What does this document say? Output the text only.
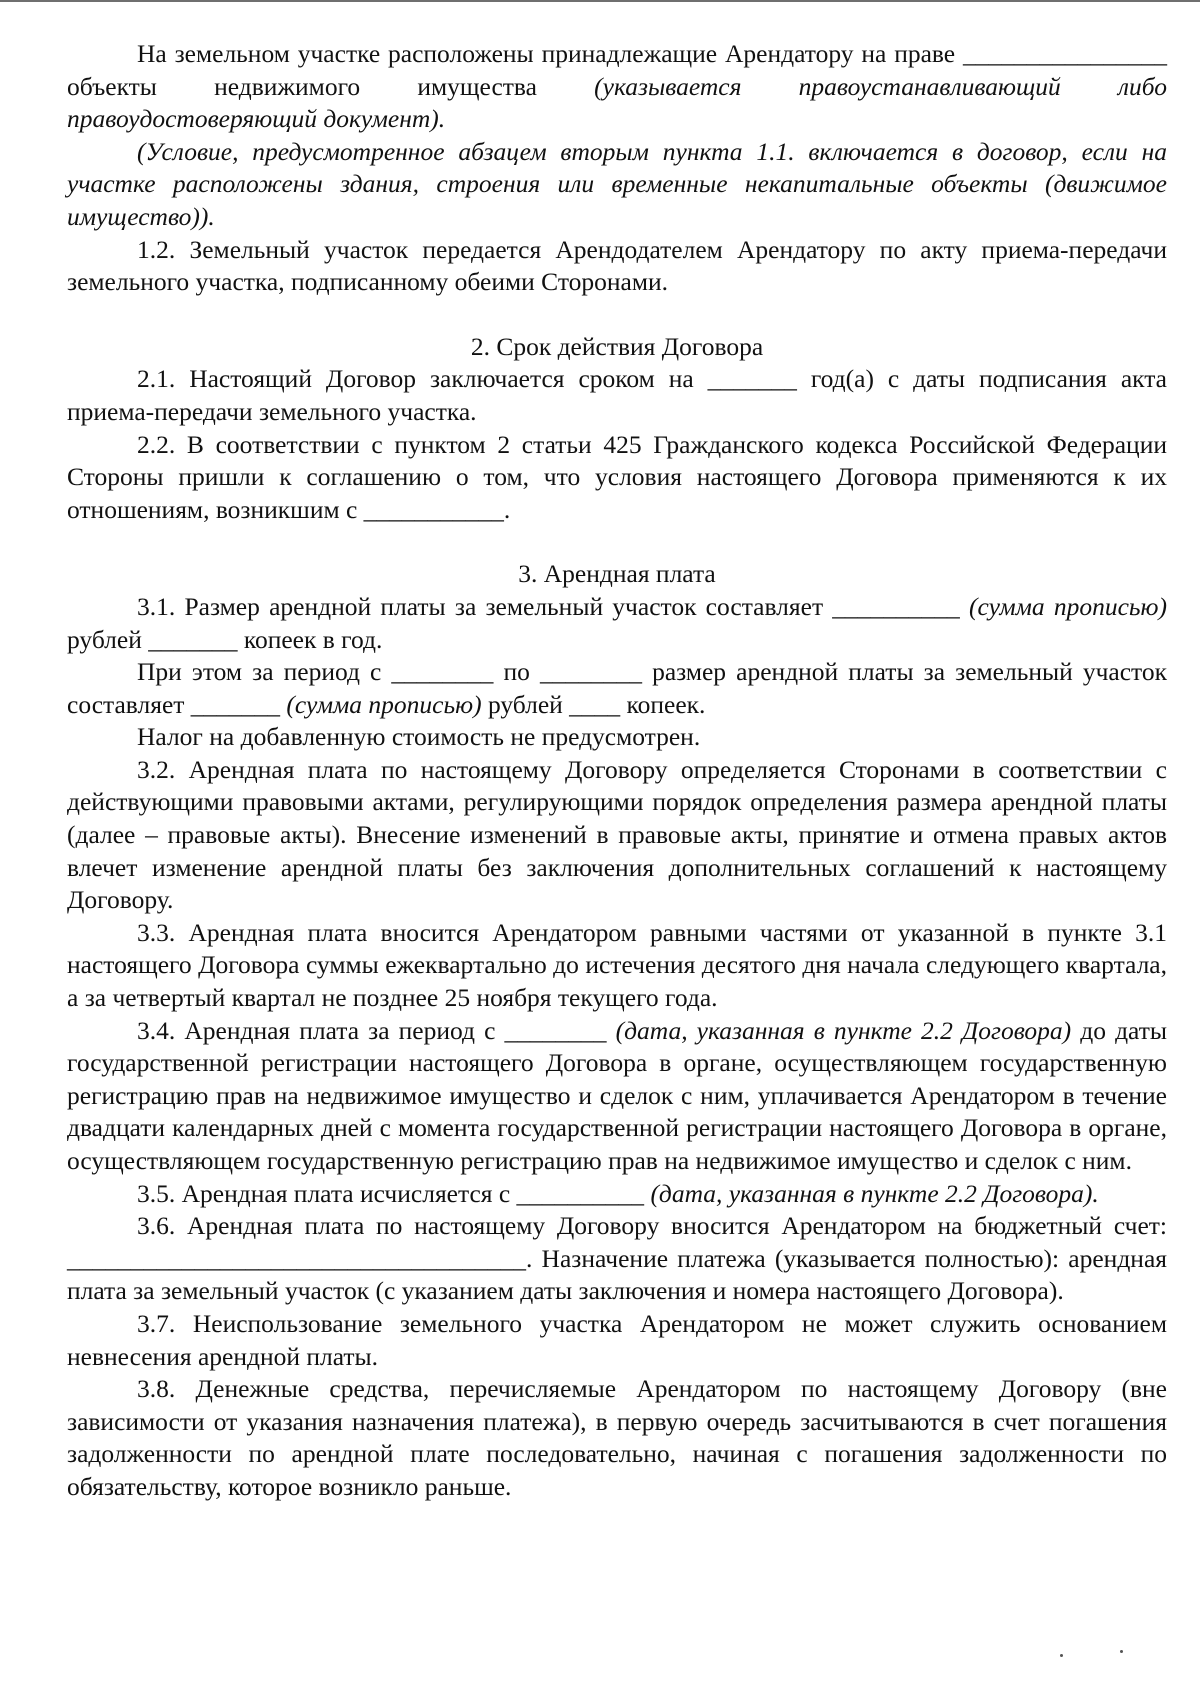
На земельном участке расположены принадлежащие Арендатору на праве ________________ объекты недвижимого имущества (указывается правоустанавливающий либо правоудостоверяющий документ).

(Условие, предусмотренное абзацем вторым пункта 1.1. включается в договор, если на участке расположены здания, строения или временные некапитальные объекты (движимое имущество)).

1.2. Земельный участок передается Арендодателем Арендатору по акту приема-передачи земельного участка, подписанному обеими Сторонами.

2. Срок действия Договора

2.1. Настоящий Договор заключается сроком на _______ год(а) с даты подписания акта приема-передачи земельного участка.

2.2. В соответствии с пунктом 2 статьи 425 Гражданского кодекса Российской Федерации Стороны пришли к соглашению о том, что условия настоящего Договора применяются к их отношениям, возникшим с ___________.

3. Арендная плата

3.1. Размер арендной платы за земельный участок составляет __________ (сумма прописью) рублей _______ копеек в год.

При этом за период с ________ по ________ размер арендной платы за земельный участок составляет _______ (сумма прописью) рублей ____ копеек.

Налог на добавленную стоимость не предусмотрен.

3.2. Арендная плата по настоящему Договору определяется Сторонами в соответствии с действующими правовыми актами, регулирующими порядок определения размера арендной платы (далее – правовые акты). Внесение изменений в правовые акты, принятие и отмена правых актов влечет изменение арендной платы без заключения дополнительных соглашений к настоящему Договору.

3.3. Арендная плата вносится Арендатором равными частями от указанной в пункте 3.1 настоящего Договора суммы ежеквартально до истечения десятого дня начала следующего квартала, а за четвертый квартал не позднее 25 ноября текущего года.

3.4. Арендная плата за период с ________ (дата, указанная в пункте 2.2 Договора) до даты государственной регистрации настоящего Договора в органе, осуществляющем государственную регистрацию прав на недвижимое имущество и сделок с ним, уплачивается Арендатором в течение двадцати календарных дней с момента государственной регистрации настоящего Договора в органе, осуществляющем государственную регистрацию прав на недвижимое имущество и сделок с ним.

3.5. Арендная плата исчисляется с __________ (дата, указанная в пункте 2.2 Договора).

3.6. Арендная плата по настоящему Договору вносится Арендатором на бюджетный счет: ____________________________________. Назначение платежа (указывается полностью): арендная плата за земельный участок (с указанием даты заключения и номера настоящего Договора).

3.7. Неиспользование земельного участка Арендатором не может служить основанием невнесения арендной платы.

3.8. Денежные средства, перечисляемые Арендатором по настоящему Договору (вне зависимости от указания назначения платежа), в первую очередь засчитываются в счет погашения задолженности по арендной плате последовательно, начиная с погашения задолженности по обязательству, которое возникло раньше.
